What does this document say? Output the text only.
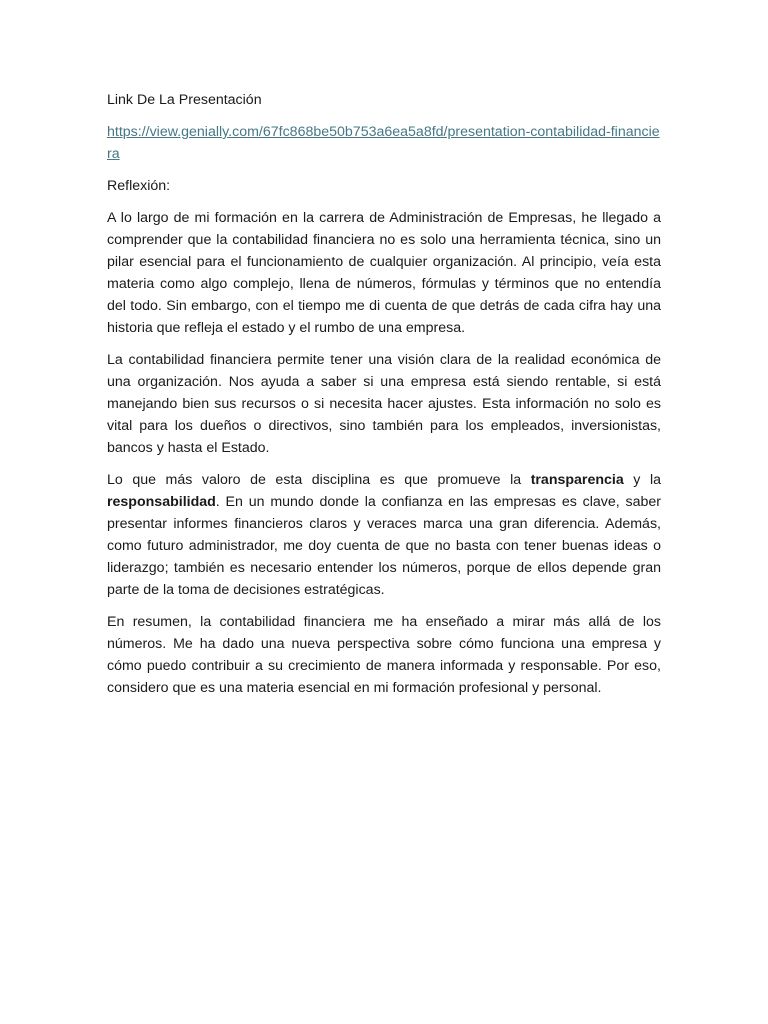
Link De La Presentación

https://view.genially.com/67fc868be50b753a6ea5a8fd/presentation-contabilidad-financiera

Reflexión:

A lo largo de mi formación en la carrera de Administración de Empresas, he llegado a comprender que la contabilidad financiera no es solo una herramienta técnica, sino un pilar esencial para el funcionamiento de cualquier organización. Al principio, veía esta materia como algo complejo, llena de números, fórmulas y términos que no entendía del todo. Sin embargo, con el tiempo me di cuenta de que detrás de cada cifra hay una historia que refleja el estado y el rumbo de una empresa.

La contabilidad financiera permite tener una visión clara de la realidad económica de una organización. Nos ayuda a saber si una empresa está siendo rentable, si está manejando bien sus recursos o si necesita hacer ajustes. Esta información no solo es vital para los dueños o directivos, sino también para los empleados, inversionistas, bancos y hasta el Estado.

Lo que más valoro de esta disciplina es que promueve la transparencia y la responsabilidad. En un mundo donde la confianza en las empresas es clave, saber presentar informes financieros claros y veraces marca una gran diferencia. Además, como futuro administrador, me doy cuenta de que no basta con tener buenas ideas o liderazgo; también es necesario entender los números, porque de ellos depende gran parte de la toma de decisiones estratégicas.

En resumen, la contabilidad financiera me ha enseñado a mirar más allá de los números. Me ha dado una nueva perspectiva sobre cómo funciona una empresa y cómo puedo contribuir a su crecimiento de manera informada y responsable. Por eso, considero que es una materia esencial en mi formación profesional y personal.
